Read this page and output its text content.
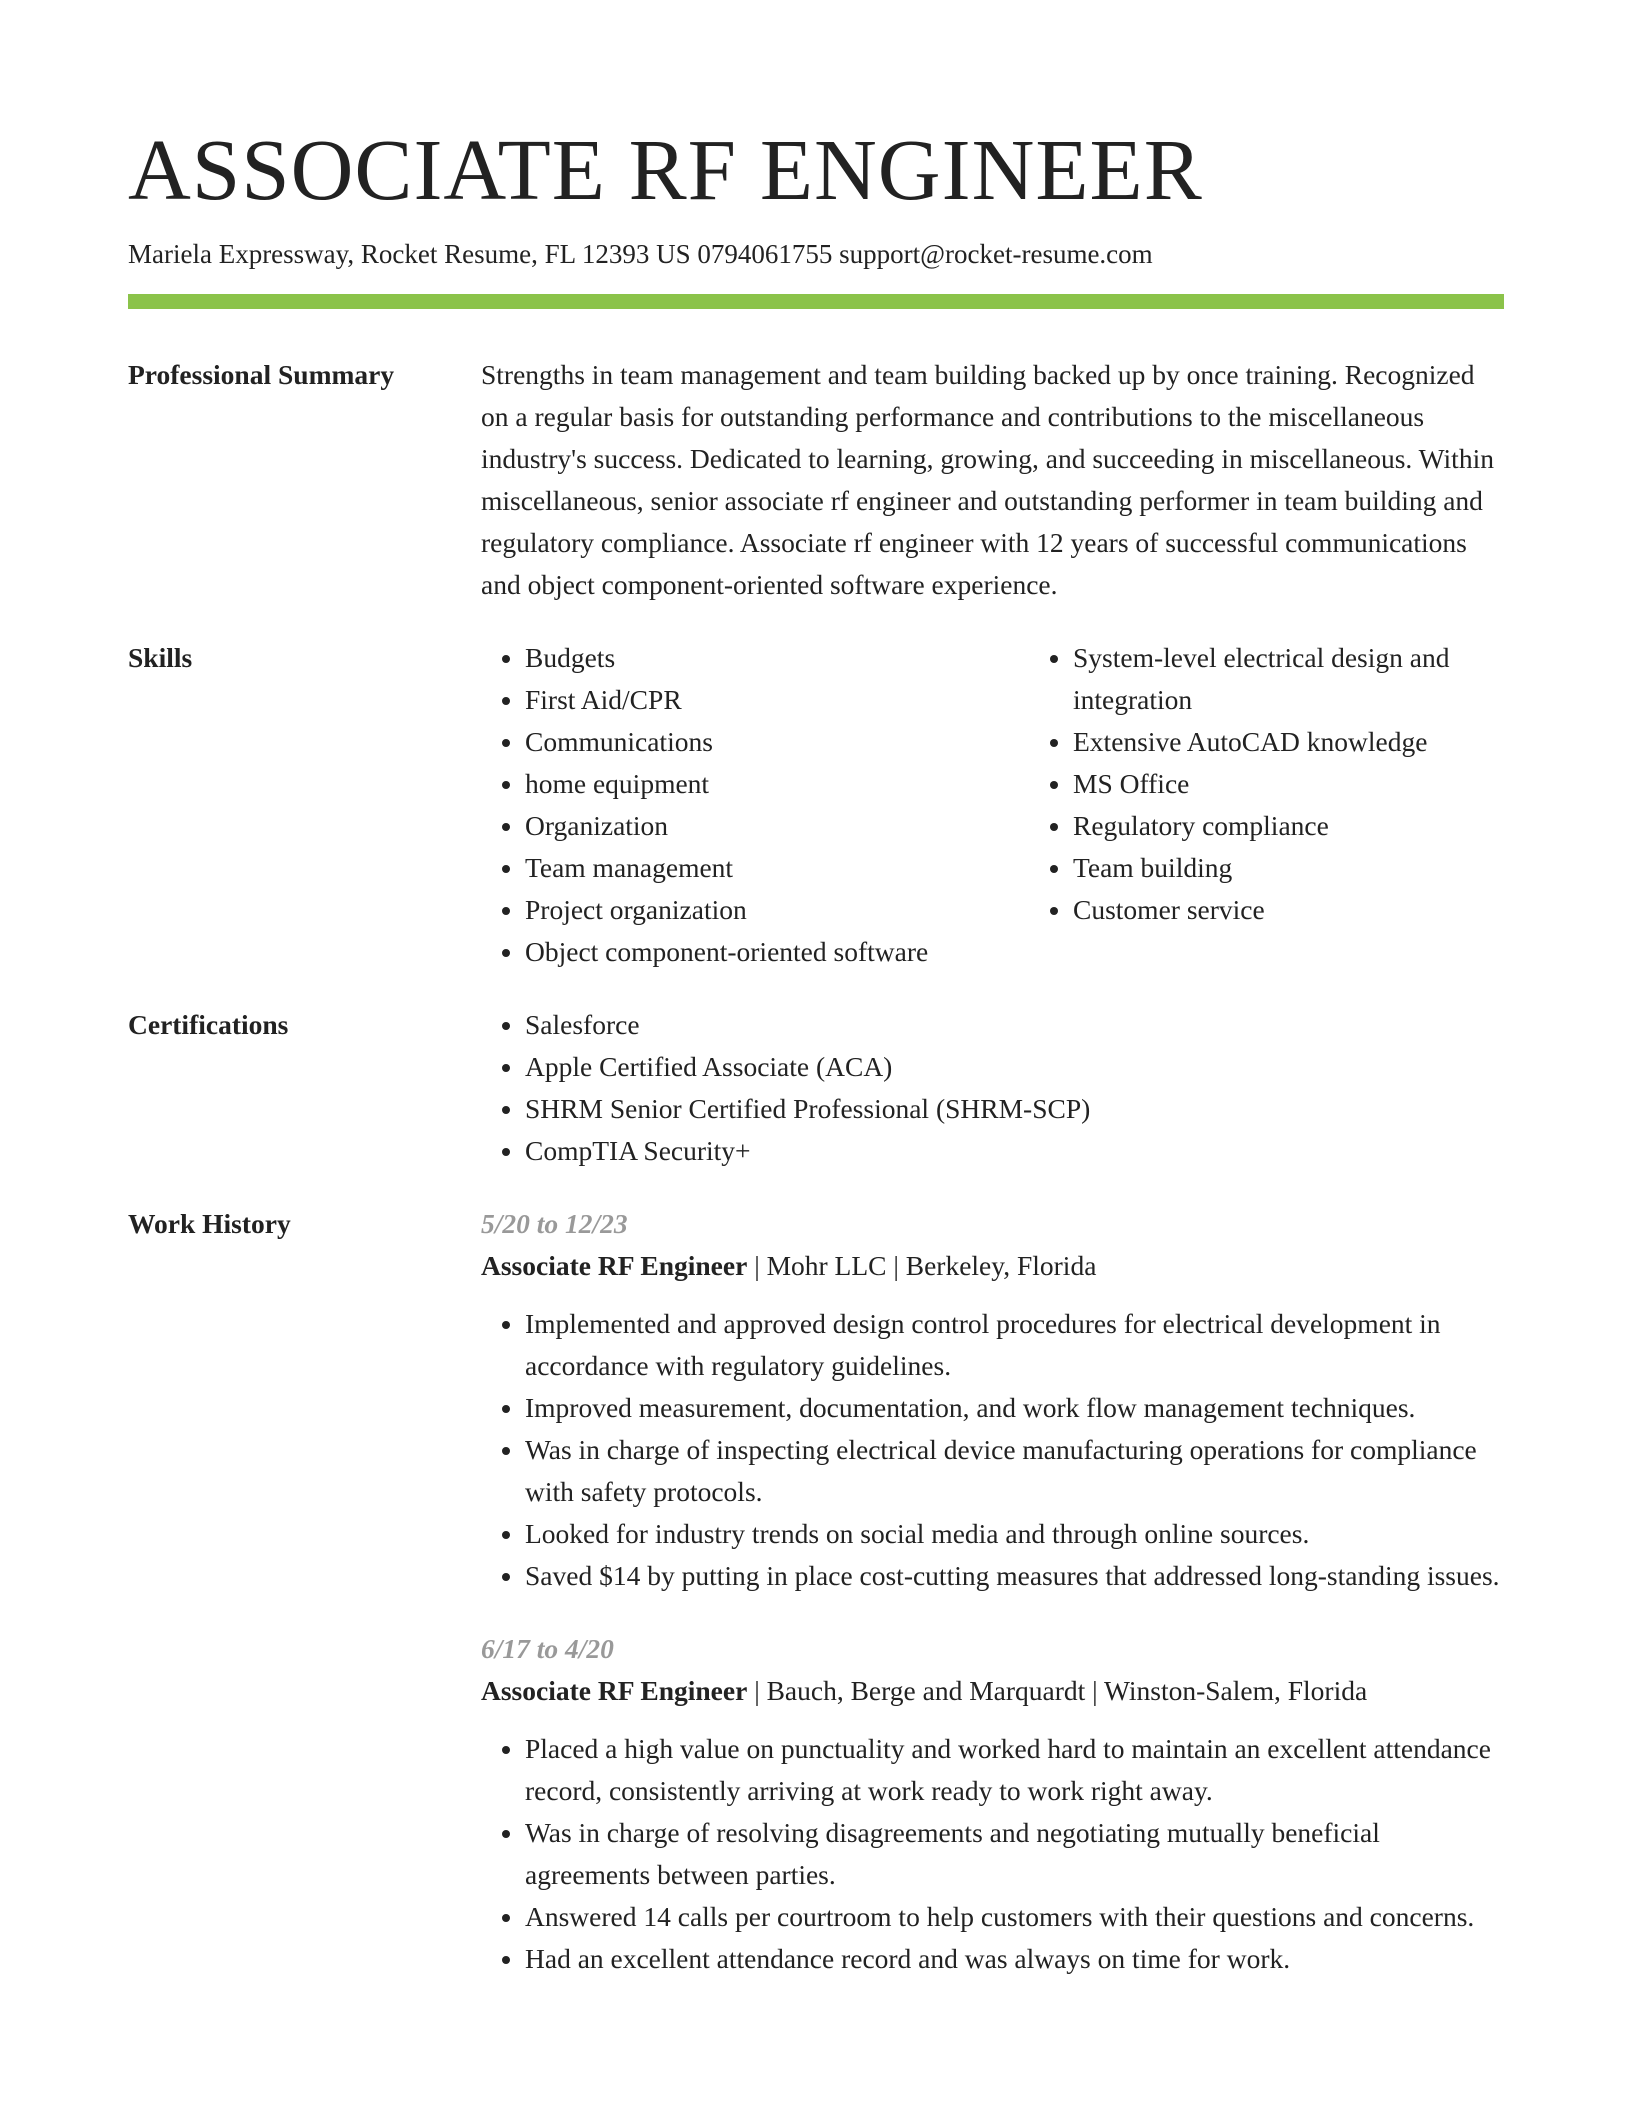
ASSOCIATE RF ENGINEER
Mariela Expressway, Rocket Resume, FL 12393 US 0794061755 support@rocket-resume.com
Professional Summary	Strengths in team management and team building backed up by once training. Recognized on a regular basis for outstanding performance and contributions to the miscellaneous industry's success. Dedicated to learning, growing, and succeeding in miscellaneous. Within miscellaneous, senior associate rf engineer and outstanding performer in team building and regulatory compliance. Associate rf engineer with 12 years of successful communications and object component-oriented software experience.
Skills	• Budgets
• First Aid/CPR
• Communications
• home equipment
• Organization
• Team management
• Project organization
• Object component-oriented software
• System-level electrical design and integration
• Extensive AutoCAD knowledge
• MS Office
• Regulatory compliance
• Team building
• Customer service
Certifications	• Salesforce
• Apple Certified Associate (ACA)
• SHRM Senior Certified Professional (SHRM-SCP)
• CompTIA Security+
Work History	5/20 to 12/23
Associate RF Engineer | Mohr LLC | Berkeley, Florida
• Implemented and approved design control procedures for electrical development in accordance with regulatory guidelines.
• Improved measurement, documentation, and work flow management techniques.
• Was in charge of inspecting electrical device manufacturing operations for compliance with safety protocols.
• Looked for industry trends on social media and through online sources.
• Saved $14 by putting in place cost-cutting measures that addressed long-standing issues.
6/17 to 4/20
Associate RF Engineer | Bauch, Berge and Marquardt | Winston-Salem, Florida
• Placed a high value on punctuality and worked hard to maintain an excellent attendance record, consistently arriving at work ready to work right away.
• Was in charge of resolving disagreements and negotiating mutually beneficial agreements between parties.
• Answered 14 calls per courtroom to help customers with their questions and concerns.
• Had an excellent attendance record and was always on time for work.
